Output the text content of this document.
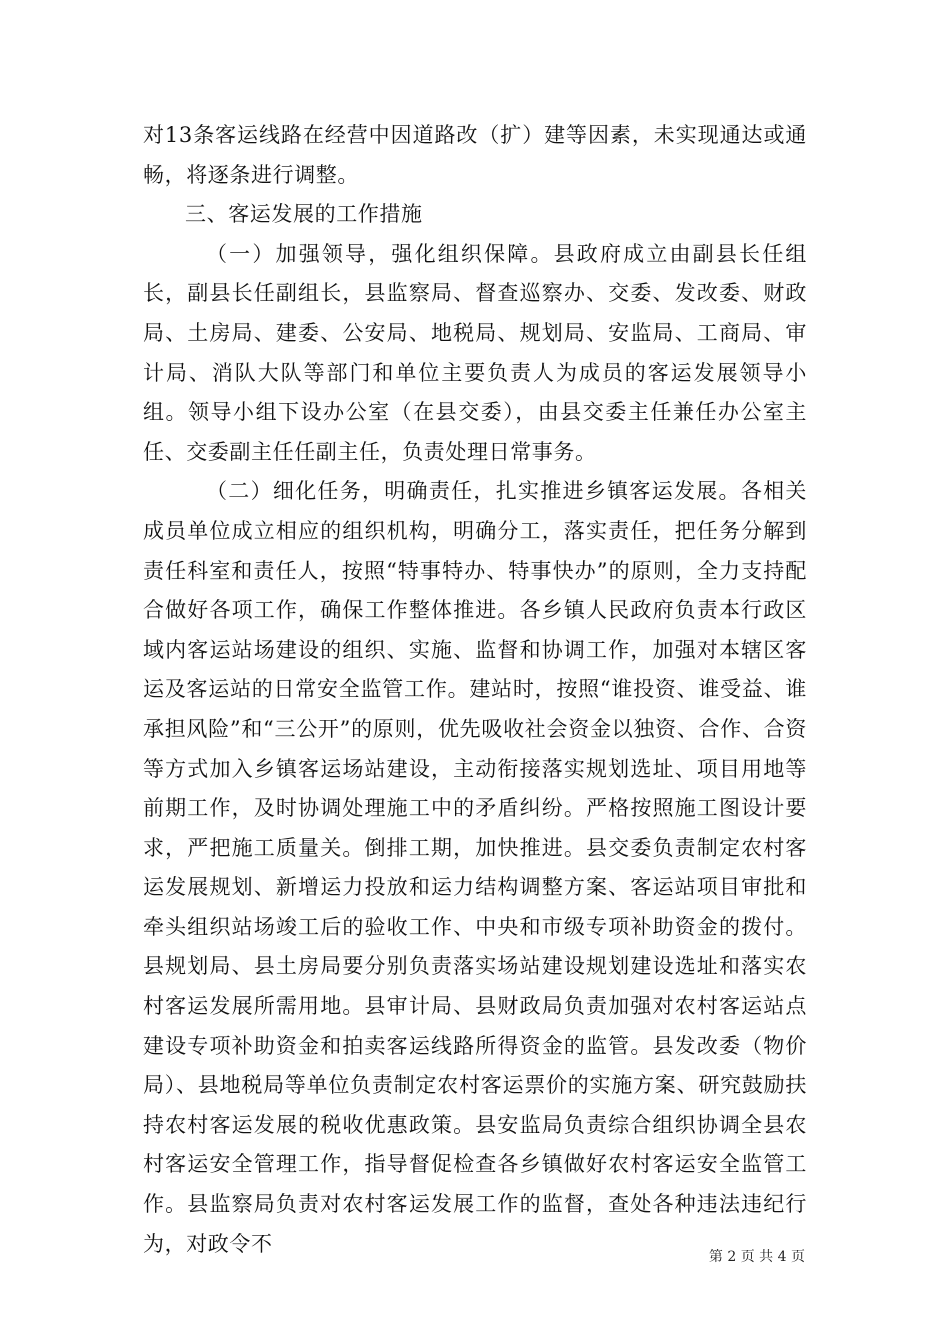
对13条客运线路在经营中因道路改（扩）建等因素，未实现通达或通畅，将逐条进行调整。

三、客运发展的工作措施

（一）加强领导，强化组织保障。县政府成立由副县长任组长，副县长任副组长，县监察局、督查巡察办、交委、发改委、财政局、土房局、建委、公安局、地税局、规划局、安监局、工商局、审计局、消队大队等部门和单位主要负责人为成员的客运发展领导小组。领导小组下设办公室（在县交委），由县交委主任兼任办公室主任、交委副主任任副主任，负责处理日常事务。

（二）细化任务，明确责任，扎实推进乡镇客运发展。各相关成员单位成立相应的组织机构，明确分工，落实责任，把任务分解到责任科室和责任人，按照“特事特办、特事快办”的原则，全力支持配合做好各项工作，确保工作整体推进。各乡镇人民政府负责本行政区域内客运站场建设的组织、实施、监督和协调工作，加强对本辖区客运及客运站的日常安全监管工作。建站时，按照“谁投资、谁受益、谁承担风险”和“三公开”的原则，优先吸收社会资金以独资、合作、合资等方式加入乡镇客运场站建设，主动衔接落实规划选址、项目用地等前期工作，及时协调处理施工中的矛盾纠纷。严格按照施工图设计要求，严把施工质量关。倒排工期，加快推进。县交委负责制定农村客运发展规划、新增运力投放和运力结构调整方案、客运站项目审批和牵头组织站场竣工后的验收工作、中央和市级专项补助资金的拨付。县规划局、县土房局要分别负责落实场站建设规划建设选址和落实农村客运发展所需用地。县审计局、县财政局负责加强对农村客运站点建设专项补助资金和拍卖客运线路所得资金的监管。县发改委（物价局）、县地税局等单位负责制定农村客运票价的实施方案、研究鼓励扶持农村客运发展的税收优惠政策。县安监局负责综合组织协调全县农村客运安全管理工作，指导督促检查各乡镇做好农村客运安全监管工作。县监察局负责对农村客运发展工作的监督，查处各种违法违纪行为，对政令不

第 2 页 共 4 页
